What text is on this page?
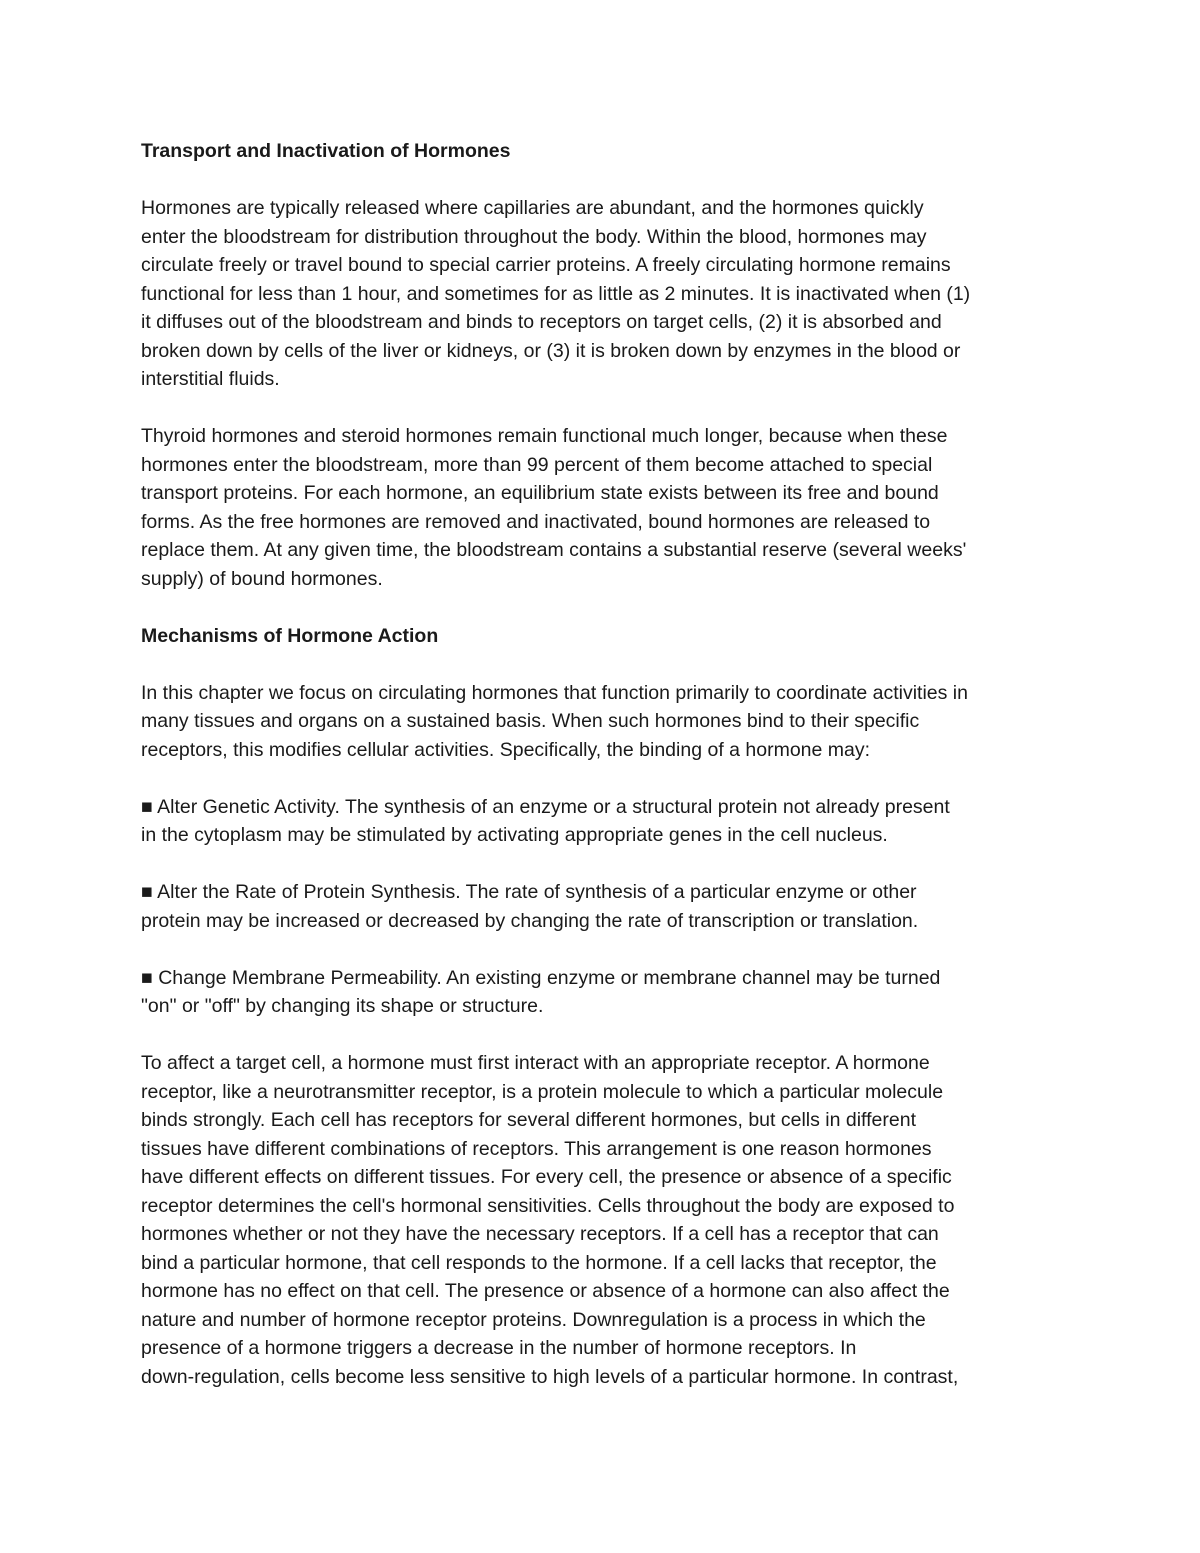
Transport and Inactivation of Hormones
Hormones are typically released where capillaries are abundant, and the hormones quickly
enter the bloodstream for distribution throughout the body. Within the blood, hormones may
circulate freely or travel bound to special carrier proteins. A freely circulating hormone remains
functional for less than 1 hour, and sometimes for as little as 2 minutes. It is inactivated when (1)
it diffuses out of the bloodstream and binds to receptors on target cells, (2) it is absorbed and
broken down by cells of the liver or kidneys, or (3) it is broken down by enzymes in the blood or
interstitial fluids.
Thyroid hormones and steroid hormones remain functional much longer, because when these
hormones enter the bloodstream, more than 99 percent of them become attached to special
transport proteins. For each hormone, an equilibrium state exists between its free and bound
forms. As the free hormones are removed and inactivated, bound hormones are released to
replace them. At any given time, the bloodstream contains a substantial reserve (several weeks'
supply) of bound hormones.
Mechanisms of Hormone Action
In this chapter we focus on circulating hormones that function primarily to coordinate activities in
many tissues and organs on a sustained basis. When such hormones bind to their specific
receptors, this modifies cellular activities. Specifically, the binding of a hormone may:
■ Alter Genetic Activity. The synthesis of an enzyme or a structural protein not already present
in the cytoplasm may be stimulated by activating appropriate genes in the cell nucleus.
■ Alter the Rate of Protein Synthesis. The rate of synthesis of a particular enzyme or other
protein may be increased or decreased by changing the rate of transcription or translation.
■ Change Membrane Permeability. An existing enzyme or membrane channel may be turned
"on" or "off" by changing its shape or structure.
To affect a target cell, a hormone must first interact with an appropriate receptor. A hormone
receptor, like a neurotransmitter receptor, is a protein molecule to which a particular molecule
binds strongly. Each cell has receptors for several different hormones, but cells in different
tissues have different combinations of receptors. This arrangement is one reason hormones
have different effects on different tissues. For every cell, the presence or absence of a specific
receptor determines the cell's hormonal sensitivities. Cells throughout the body are exposed to
hormones whether or not they have the necessary receptors. If a cell has a receptor that can
bind a particular hormone, that cell responds to the hormone. If a cell lacks that receptor, the
hormone has no effect on that cell. The presence or absence of a hormone can also affect the
nature and number of hormone receptor proteins. Downregulation is a process in which the
presence of a hormone triggers a decrease in the number of hormone receptors. In
down-regulation, cells become less sensitive to high levels of a particular hormone. In contrast,
